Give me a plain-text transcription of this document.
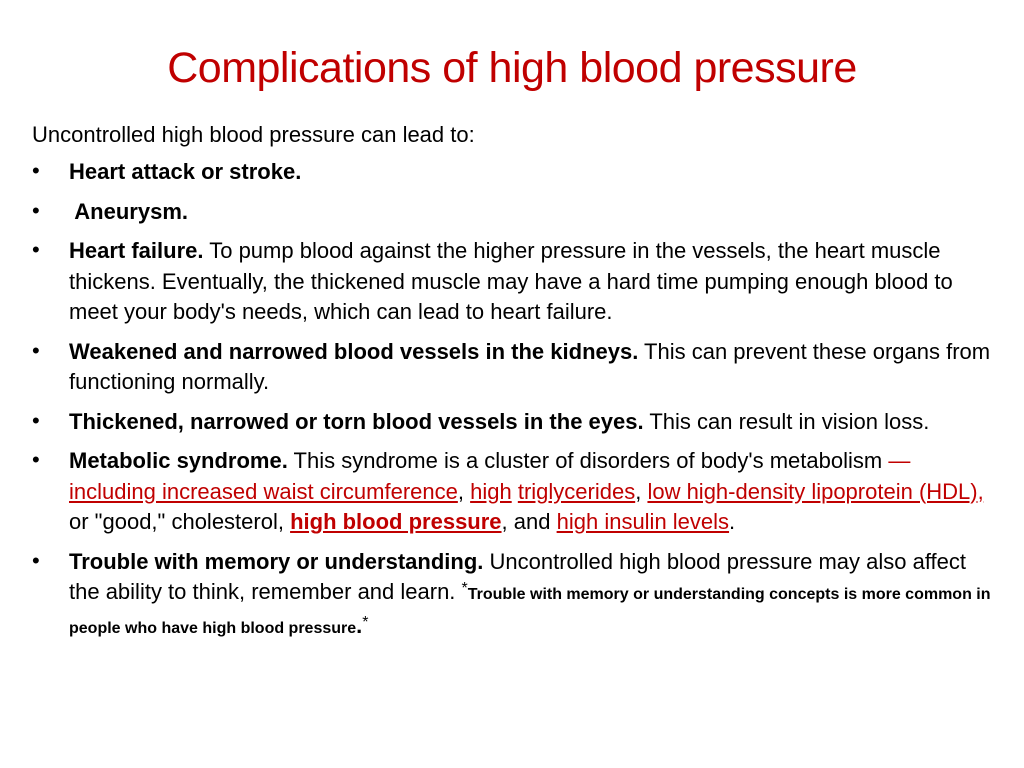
Complications of high blood pressure

Uncontrolled high blood pressure can lead to:

• Heart attack or stroke.
• Aneurysm.
• Heart failure. To pump blood against the higher pressure in the vessels, the heart muscle thickens. Eventually, the thickened muscle may have a hard time pumping enough blood to meet your body's needs, which can lead to heart failure.
• Weakened and narrowed blood vessels in the kidneys. This can prevent these organs from functioning normally.
• Thickened, narrowed or torn blood vessels in the eyes. This can result in vision loss.
• Metabolic syndrome. This syndrome is a cluster of disorders of body's metabolism — including increased waist circumference, high triglycerides, low high-density lipoprotein (HDL), or "good," cholesterol, high blood pressure, and high insulin levels.
• Trouble with memory or understanding. Uncontrolled high blood pressure may also affect the ability to think, remember and learn. *Trouble with memory or understanding concepts is more common in people who have high blood pressure.*
